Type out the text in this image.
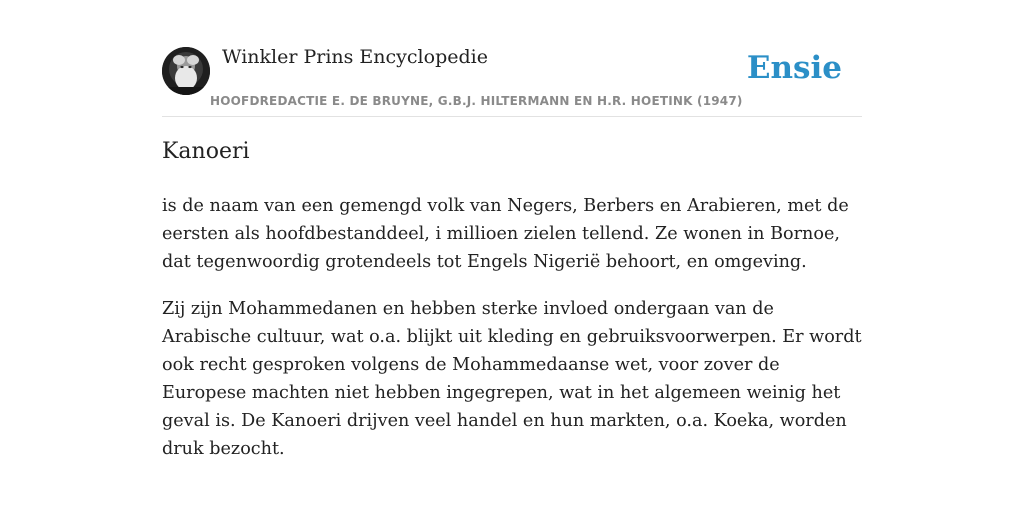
Winkler Prins Encyclopedie
HOOFDREDACTIE E. DE BRUYNE, G.B.J. HILTERMANN EN H.R. HOETINK (1947)
Ensie
Kanoeri

is de naam van een gemengd volk van Negers, Berbers en Arabieren, met de eersten als hoofdbestanddeel, i millioen zielen tellend. Ze wonen in Bornoe, dat tegenwoordig grotendeels tot Engels Nigerië behoort, en omgeving.

Zij zijn Mohammedanen en hebben sterke invloed ondergaan van de Arabische cultuur, wat o.a. blijkt uit kleding en gebruiksvoorwerpen. Er wordt ook recht gesproken volgens de Mohammedaanse wet, voor zover de Europese machten niet hebben ingegrepen, wat in het algemeen weinig het geval is. De Kanoeri drijven veel handel en hun markten, o.a. Koeka, worden druk bezocht.
